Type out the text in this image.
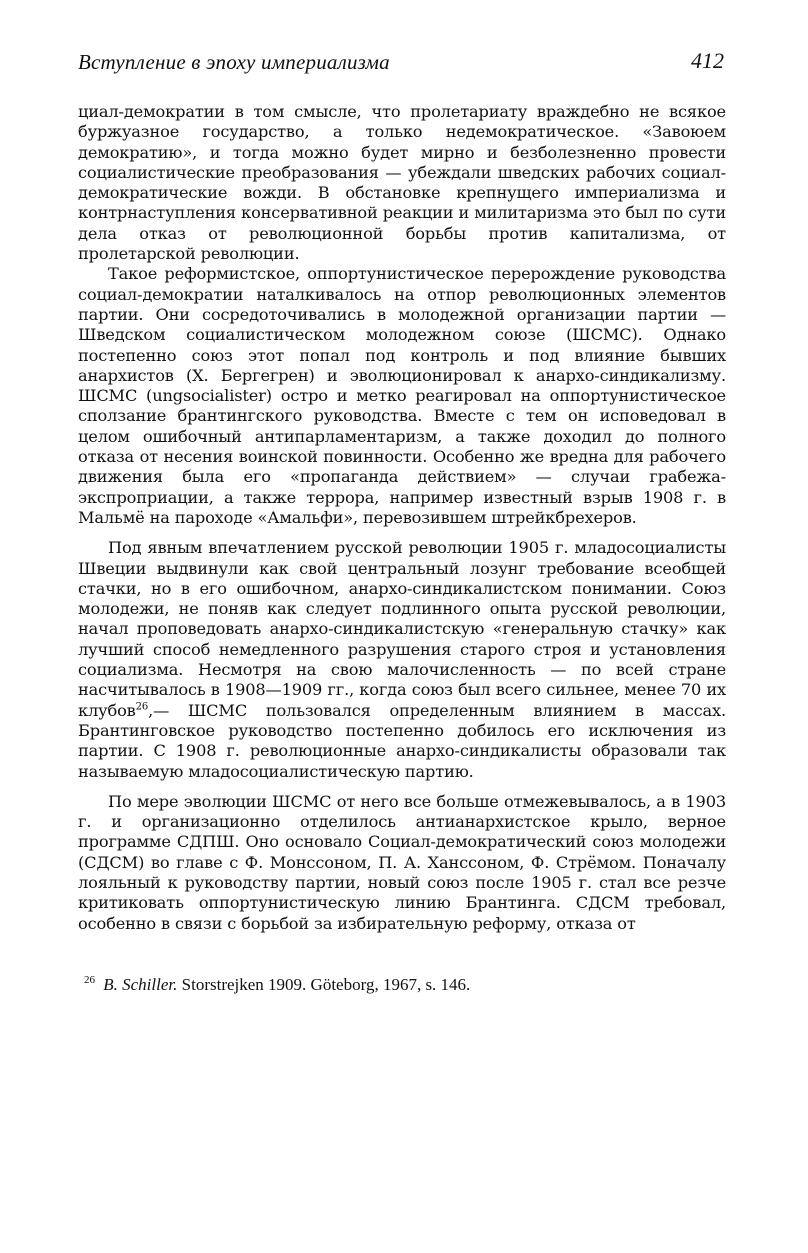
Вступление в эпоху империализма	412

циал-демократии в том смысле, что пролетариату враждебно не всякое буржуазное государство, а только недемократическое. «Завоюем демократию», и тогда можно будет мирно и безболезненно провести социалистические преобразования — убеждали шведских рабочих социал-демократические вожди. В обстановке крепнущего империализма и контрнаступления консервативной реакции и милитаризма это был по сути дела отказ от революционной борьбы против капитализма, от пролетарской революции.

Такое реформистское, оппортунистическое перерождение руководства социал-демократии наталкивалось на отпор революционных элементов партии. Они сосредоточивались в молодежной организации партии — Шведском социалистическом молодежном союзе (ШСМС). Однако постепенно союз этот попал под контроль и под влияние бывших анархистов (Х. Бергегрен) и эволюционировал к анархо-синдикализму. ШСМС (ungsocialister) остро и метко реагировал на оппортунистическое сползание брантингского руководства. Вместе с тем он исповедовал в целом ошибочный антипарламентаризм, а также доходил до полного отказа от несения воинской повинности. Особенно же вредна для рабочего движения была его «пропаганда действием» — случаи грабежа-экспроприации, а также террора, например известный взрыв 1908 г. в Мальмё на пароходе «Амальфи», перевозившем штрейкбрехеров.

Под явным впечатлением русской революции 1905 г. младосоциалисты Швеции выдвинули как свой центральный лозунг требование всеобщей стачки, но в его ошибочном, анархо-синдикалистском понимании. Союз молодежи, не поняв как следует подлинного опыта русской революции, начал проповедовать анархо-синдикалистскую «генеральную стачку» как лучший способ немедленного разрушения старого строя и установления социализма. Несмотря на свою малочисленность — по всей стране насчитывалось в 1908—1909 гг., когда союз был всего сильнее, менее 70 их клубов$^{26}$,— ШСМС пользовался определенным влиянием в массах. Брантинговское руководство постепенно добилось его исключения из партии. С 1908 г. революционные анархо-синдикалисты образовали так называемую младосоциалистическую партию.

По мере эволюции ШСМС от него все больше отмежевывалось, а в 1903 г. и организационно отделилось антианархистское крыло, верное программе СДПШ. Оно основало Социал-демократический союз молодежи (СДСМ) во главе с Ф. Монссоном, П. А. Ханссоном, Ф. Стрёмом. Поначалу лояльный к руководству партии, новый союз после 1905 г. стал все резче критиковать оппортунистическую линию Брантинга. СДСМ требовал, особенно в связи с борьбой за избирательную реформу, отказа от

$^{26}$ B. Schiller. Storstrejken 1909. Göteborg, 1967, s. 146.
